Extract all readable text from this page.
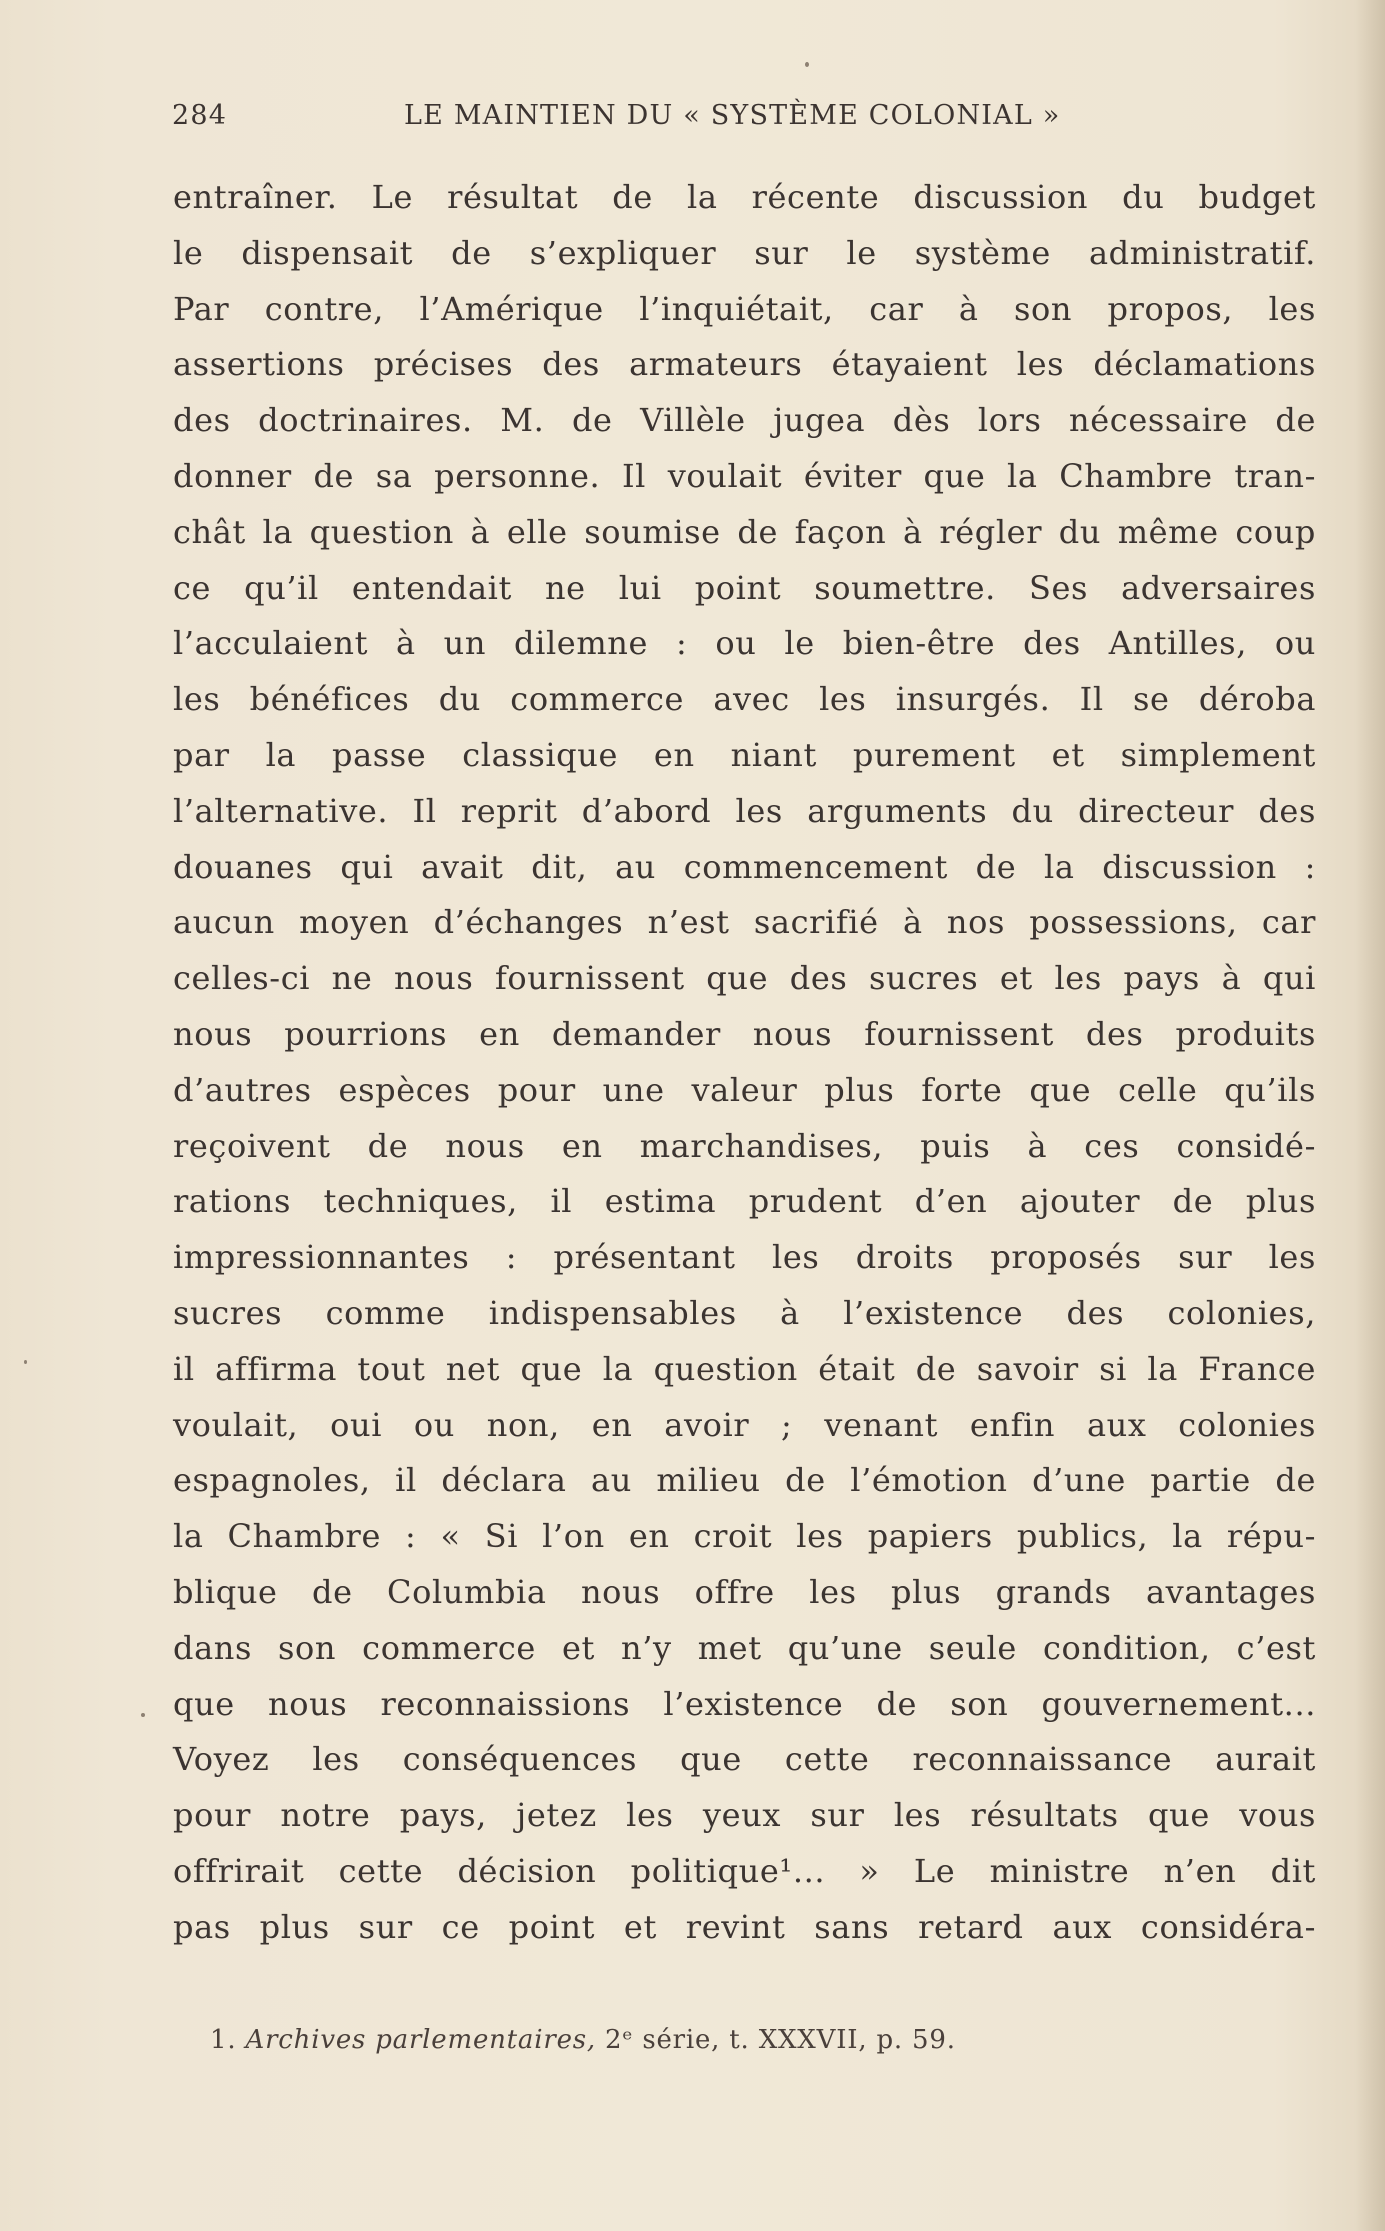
284	LE MAINTIEN DU « SYSTÈME COLONIAL »
entraîner. Le résultat de la récente discussion du budget
le dispensait de s’expliquer sur le système administratif.
Par contre, l’Amérique l’inquiétait, car à son propos, les
assertions précises des armateurs étayaient les déclamations
des doctrinaires. M. de Villèle jugea dès lors nécessaire de
donner de sa personne. Il voulait éviter que la Chambre tran-
chât la question à elle soumise de façon à régler du même coup
ce qu’il entendait ne lui point soumettre. Ses adversaires
l’acculaient à un dilemne : ou le bien-être des Antilles, ou
les bénéfices du commerce avec les insurgés. Il se déroba
par la passe classique en niant purement et simplement
l’alternative. Il reprit d’abord les arguments du directeur des
douanes qui avait dit, au commencement de la discussion :
aucun moyen d’échanges n’est sacrifié à nos possessions, car
celles-ci ne nous fournissent que des sucres et les pays à qui
nous pourrions en demander nous fournissent des produits
d’autres espèces pour une valeur plus forte que celle qu’ils
reçoivent de nous en marchandises, puis à ces considé-
rations techniques, il estima prudent d’en ajouter de plus
impressionnantes : présentant les droits proposés sur les
sucres comme indispensables à l’existence des colonies,
il affirma tout net que la question était de savoir si la France
voulait, oui ou non, en avoir ; venant enfin aux colonies
espagnoles, il déclara au milieu de l’émotion d’une partie de
la Chambre : « Si l’on en croit les papiers publics, la répu-
blique de Columbia nous offre les plus grands avantages
dans son commerce et n’y met qu’une seule condition, c’est
que nous reconnaissions l’existence de son gouvernement...
Voyez les conséquences que cette reconnaissance aurait
pour notre pays, jetez les yeux sur les résultats que vous
offrirait cette décision politique¹... » Le ministre n’en dit
pas plus sur ce point et revint sans retard aux considéra-
1. Archives parlementaires, 2ᵉ série, t. XXXVII, p. 59.
